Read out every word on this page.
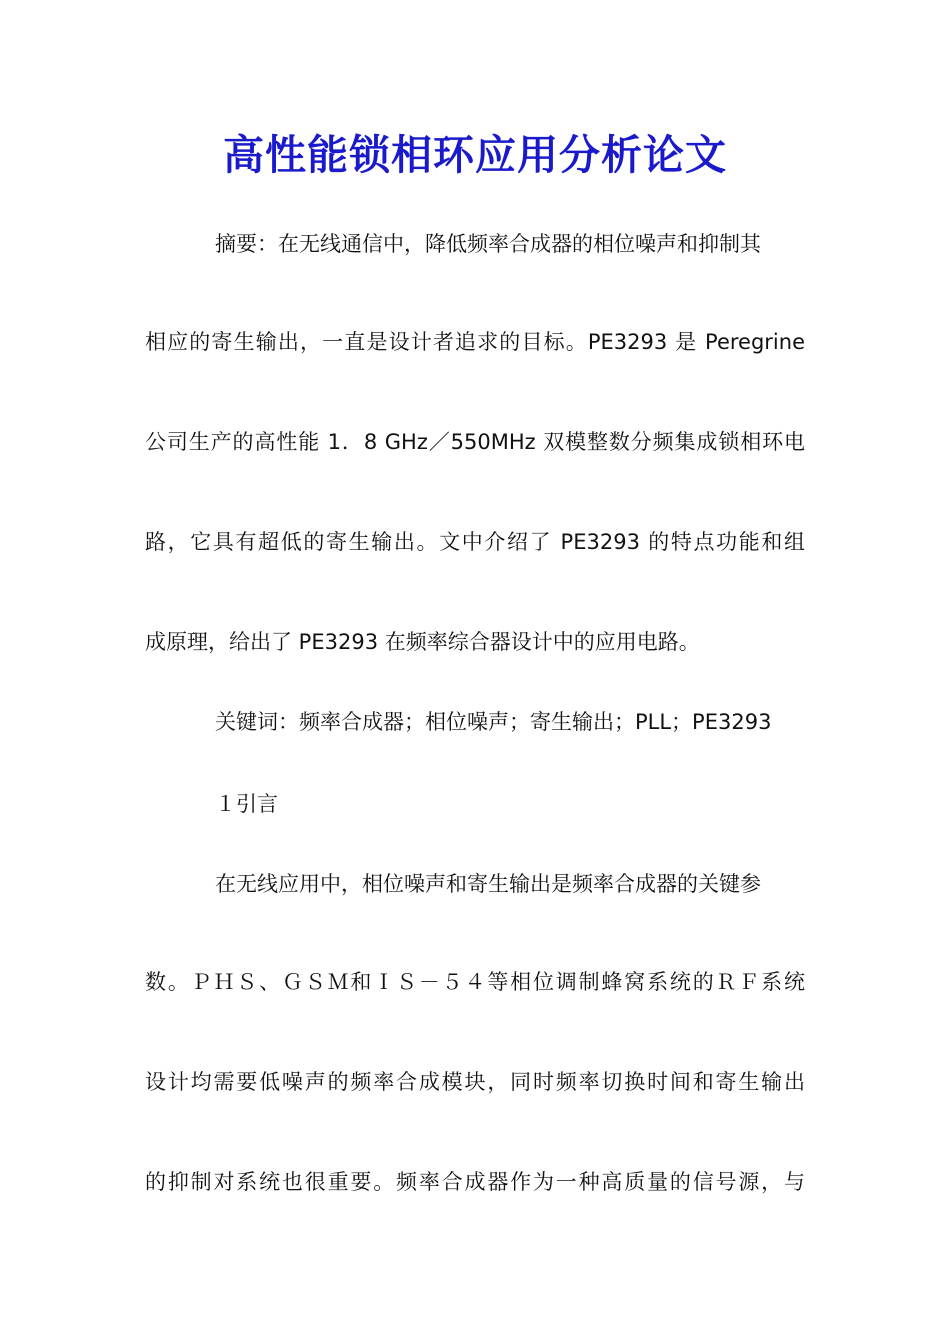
高性能锁相环应用分析论文
摘要：在无线通信中，降低频率合成器的相位噪声和抑制其
相应的寄生输出，一直是设计者追求的目标。PE3293 是 Peregrine
公司生产的高性能 1．8 GHz／550MHz 双模整数分频集成锁相环电
路，它具有超低的寄生输出。文中介绍了 PE3293 的特点功能和组
成原理，给出了 PE3293 在频率综合器设计中的应用电路。
关键词：频率合成器；相位噪声；寄生输出；PLL；PE3293
１引言
在无线应用中，相位噪声和寄生输出是频率合成器的关键参
数。ＰＨＳ、ＧＳＭ和ＩＳ－５４等相位调制蜂窝系统的ＲＦ系统
设计均需要低噪声的频率合成模块，同时频率切换时间和寄生输出
的抑制对系统也很重要。频率合成器作为一种高质量的信号源，与
